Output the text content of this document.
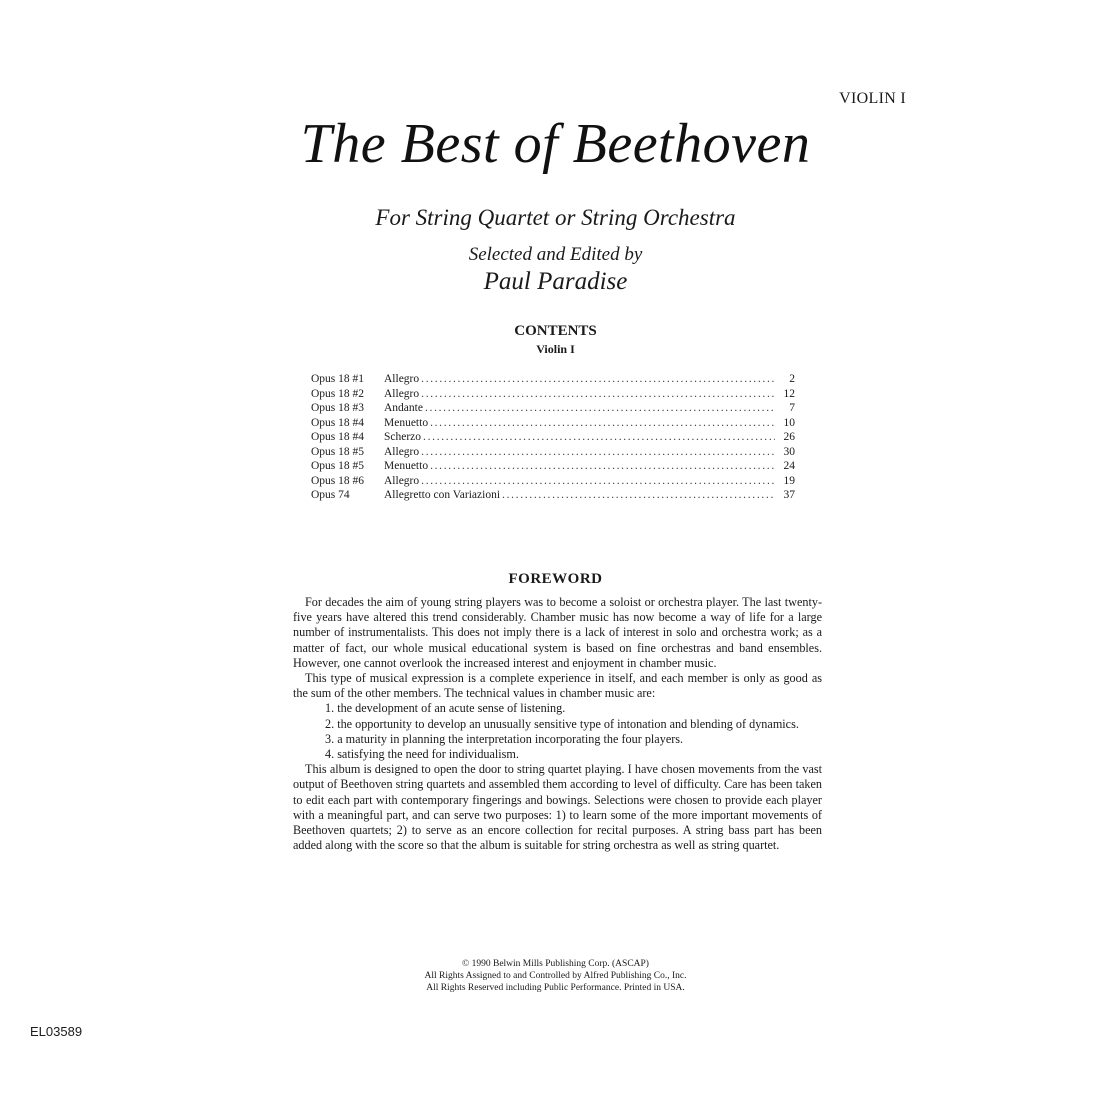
VIOLIN I
The Best of Beethoven
For String Quartet or String Orchestra
Selected and Edited by
Paul Paradise
CONTENTS
Violin I
Opus 18 #1	Allegro . . .	2
Opus 18 #2	Allegro . . .	12
Opus 18 #3	Andante . . .	7
Opus 18 #4	Menuetto . . .	10
Opus 18 #4	Scherzo . . .	26
Opus 18 #5	Allegro . . .	30
Opus 18 #5	Menuetto . . .	24
Opus 18 #6	Allegro . . .	19
Opus 74	Allegretto con Variazioni . . .	37
FOREWORD

For decades the aim of young string players was to become a soloist or orchestra player. The last twenty-five years have altered this trend considerably. Chamber music has now become a way of life for a large number of instrumentalists. This does not imply there is a lack of interest in solo and orchestra work; as a matter of fact, our whole musical educational system is based on fine orchestras and band ensembles. However, one cannot overlook the increased interest and enjoyment in chamber music.

This type of musical expression is a complete experience in itself, and each member is only as good as the sum of the other members. The technical values in chamber music are:

1. the development of an acute sense of listening.
2. the opportunity to develop an unusually sensitive type of intonation and blending of dynamics.
3. a maturity in planning the interpretation incorporating the four players.
4. satisfying the need for individualism.

This album is designed to open the door to string quartet playing. I have chosen movements from the vast output of Beethoven string quartets and assembled them according to level of difficulty. Care has been taken to edit each part with contemporary fingerings and bowings. Selections were chosen to provide each player with a meaningful part, and can serve two purposes: 1) to learn some of the more important movements of Beethoven quartets; 2) to serve as an encore collection for recital purposes. A string bass part has been added along with the score so that the album is suitable for string orchestra as well as string quartet.

© 1990 Belwin Mills Publishing Corp. (ASCAP)
All Rights Assigned to and Controlled by Alfred Publishing Co., Inc.
All Rights Reserved including Public Performance. Printed in USA.
EL03589
